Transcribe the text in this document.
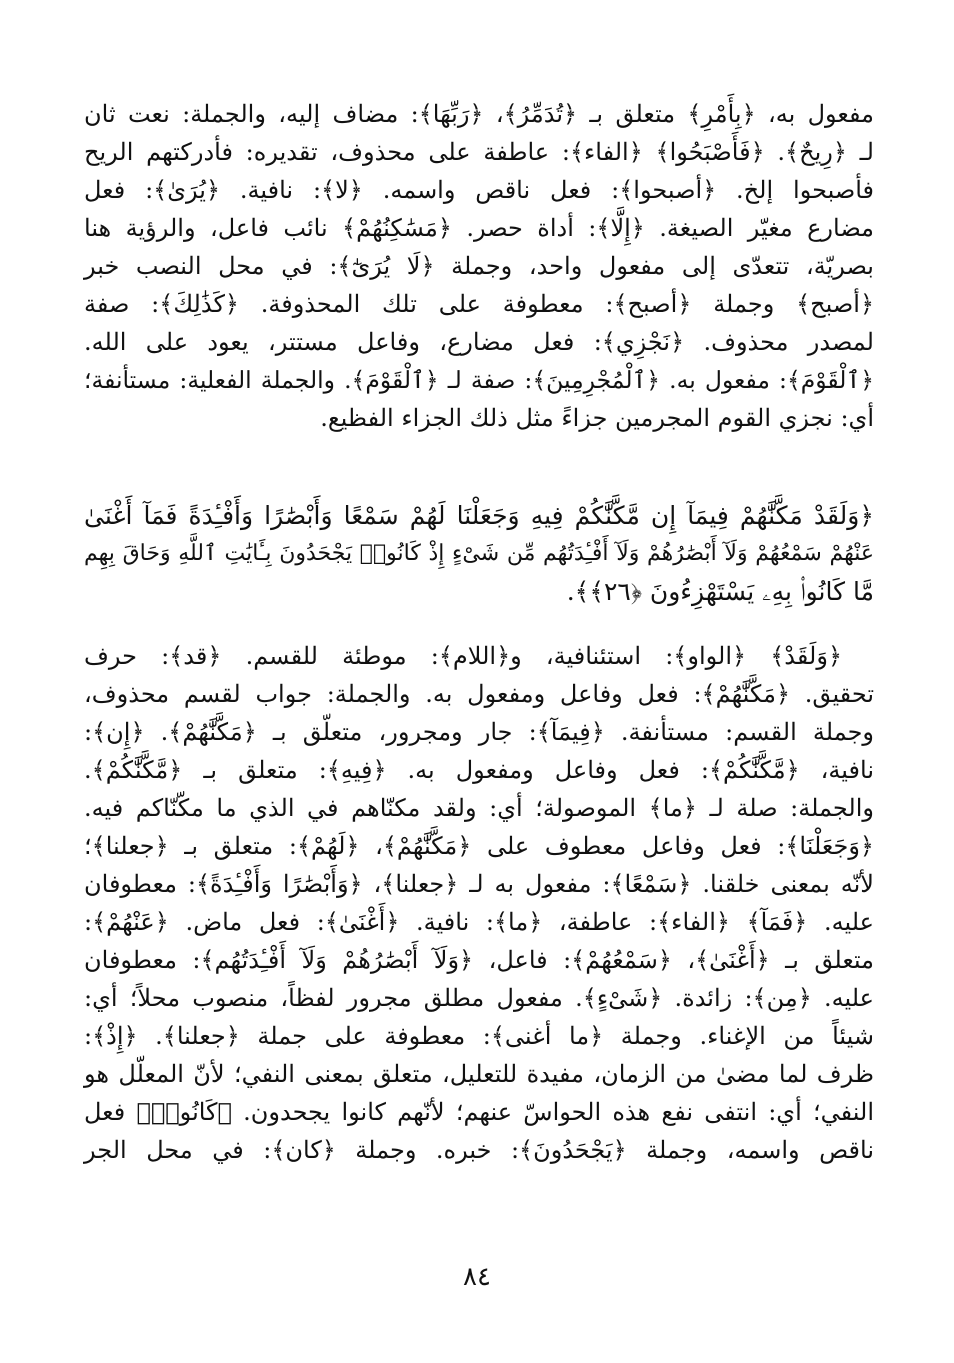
مفعول به، ﴿بِأَمْرِ﴾ متعلق بـ ﴿تُدَمِّرُ﴾، ﴿رَبِّهَا﴾: مضاف إليه، والجملة: نعت ثان
لـ ﴿رِيحٌ﴾. ﴿فَأَصْبَحُوا﴾ ﴿الفاء﴾: عاطفة على محذوف، تقديره: فأدركتهم الريح
فأصبحوا إلخ. ﴿أصبحوا﴾: فعل ناقص واسمه. ﴿لا﴾: نافية. ﴿يُرَىٰ﴾: فعل
مضارع مغيّر الصيغة. ﴿إِلَّا﴾: أداة حصر. ﴿مَسَٰكِنُهُمْ﴾ نائب فاعل، والرؤية هنا
بصريّة، تتعدّى إلى مفعول واحد، وجملة ﴿لَا يُرَىٰٓ﴾: في محل النصب خبر
﴿أصبح﴾ وجملة ﴿أصبح﴾: معطوفة على تلك المحذوفة. ﴿كَذَٰلِكَ﴾: صفة
لمصدر محذوف. ﴿نَجْزِي﴾: فعل مضارع، وفاعل مستتر، يعود على الله.
﴿ٱلْقَوْمَ﴾: مفعول به. ﴿ٱلْمُجْرِمِينَ﴾: صفة لـ ﴿ٱلْقَوْمَ﴾. والجملة الفعلية: مستأنفة؛
أي: نجزي القوم المجرمين جزاءً مثل ذلك الجزاء الفظيع.
﴿وَلَقَدْ مَكَّنَّٰهُمْ فِيمَآ إِن مَّكَّنَّٰكُمْ فِيهِ وَجَعَلْنَا لَهُمْ سَمْعًا وَأَبْصَٰرًا وَأَفْـِٔدَةً فَمَآ أَغْنَىٰ
عَنْهُمْ سَمْعُهُمْ وَلَآ أَبْصَٰرُهُمْ وَلَآ أَفْـِٔدَتُهُم مِّن شَىْءٍ إِذْ كَانُوا۟ يَجْحَدُونَ بِـَٔايَٰتِ ٱللَّهِ وَحَاقَ بِهِم
مَّا كَانُوا۟ بِهِۦ يَسْتَهْزِءُونَ ﴿٢٦﴾﴾.
﴿وَلَقَدْ﴾ ﴿الواو﴾: استئنافية، و﴿اللام﴾: موطئة للقسم. ﴿قد﴾: حرف
تحقيق. ﴿مَكَّنَّٰهُمْ﴾: فعل وفاعل ومفعول به. والجملة: جواب لقسم محذوف،
وجملة القسم: مستأنفة. ﴿فِيمَآ﴾: جار ومجرور، متعلّق بـ ﴿مَكَّنَّٰهُمْ﴾. ﴿إِن﴾:
نافية، ﴿مَّكَّنَّٰكُمْ﴾: فعل وفاعل ومفعول به. ﴿فِيهِ﴾: متعلق بـ ﴿مَّكَّنَّٰكُمْ﴾.
والجملة: صلة لـ ﴿ما﴾ الموصولة؛ أي: ولقد مكنّاهم في الذي ما مكّنّاكم فيه.
﴿وَجَعَلْنَا﴾: فعل وفاعل معطوف على ﴿مَكَّنَّٰهُمْ﴾، ﴿لَهُمْ﴾: متعلق بـ ﴿جعلنا﴾؛
لأنّه بمعنى خلقنا. ﴿سَمْعًا﴾: مفعول به لـ ﴿جعلنا﴾، ﴿وَأَبْصَٰرًا وَأَفْـِٔدَةً﴾: معطوفان
عليه. ﴿فَمَآ﴾ ﴿الفاء﴾: عاطفة، ﴿ما﴾: نافية. ﴿أَغْنَىٰ﴾: فعل ماض. ﴿عَنْهُمْ﴾:
متعلق بـ ﴿أَغْنَىٰ﴾، ﴿سَمْعُهُمْ﴾: فاعل، ﴿وَلَآ أَبْصَٰرُهُمْ وَلَآ أَفْـِٔدَتُهُم﴾: معطوفان
عليه. ﴿مِن﴾: زائدة. ﴿شَىْءٍ﴾. مفعول مطلق مجرور لفظاً، منصوب محلاً؛ أي:
شيئاً من الإغناء. وجملة ﴿ما أغنى﴾: معطوفة على جملة ﴿جعلنا﴾. ﴿إِذْ﴾:
ظرف لما مضىٰ من الزمان، مفيدة للتعليل، متعلق بمعنى النفي؛ لأنّ المعلّل هو
النفي؛ أي: انتفى نفع هذه الحواسّ عنهم؛ لأنّهم كانوا يجحدون. ﴿كَانُوا۟﴾ فعل
ناقص واسمه، وجملة ﴿يَجْحَدُونَ﴾: خبره. وجملة ﴿كان﴾: في محل الجر
٨٤
